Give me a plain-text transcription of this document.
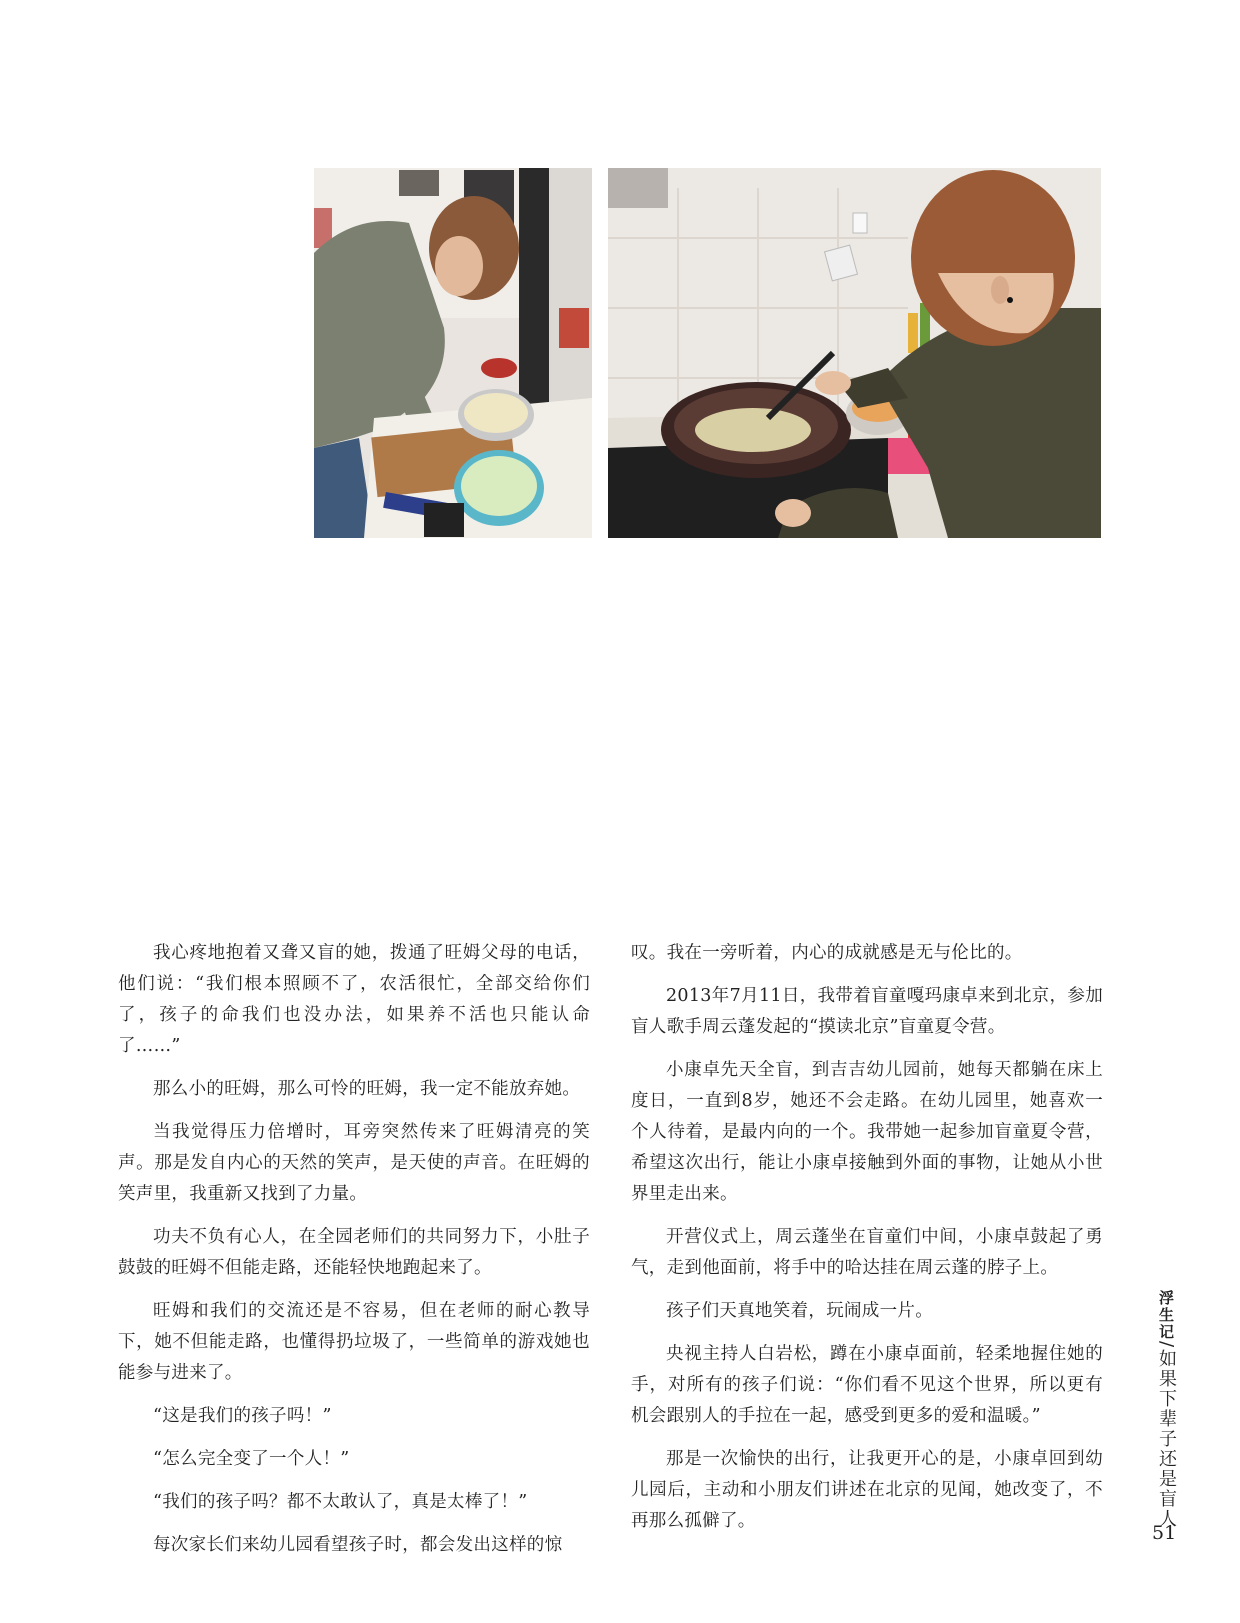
我心疼地抱着又聋又盲的她，拨通了旺姆父母的电话，他们说：“我们根本照顾不了，农活很忙，全部交给你们了，孩子的命我们也没办法，如果养不活也只能认命了……”

那么小的旺姆，那么可怜的旺姆，我一定不能放弃她。

当我觉得压力倍增时，耳旁突然传来了旺姆清亮的笑声。那是发自内心的天然的笑声，是天使的声音。在旺姆的笑声里，我重新又找到了力量。

功夫不负有心人，在全园老师们的共同努力下，小肚子鼓鼓的旺姆不但能走路，还能轻快地跑起来了。

旺姆和我们的交流还是不容易，但在老师的耐心教导下，她不但能走路，也懂得扔垃圾了，一些简单的游戏她也能参与进来了。

“这是我们的孩子吗！”

“怎么完全变了一个人！”

“我们的孩子吗？都不太敢认了，真是太棒了！”

每次家长们来幼儿园看望孩子时，都会发出这样的惊

叹。我在一旁听着，内心的成就感是无与伦比的。

2013年7月11日，我带着盲童嘎玛康卓来到北京，参加盲人歌手周云蓬发起的“摸读北京”盲童夏令营。

小康卓先天全盲，到吉吉幼儿园前，她每天都躺在床上度日，一直到8岁，她还不会走路。在幼儿园里，她喜欢一个人待着，是最内向的一个。我带她一起参加盲童夏令营，希望这次出行，能让小康卓接触到外面的事物，让她从小世界里走出来。

开营仪式上，周云蓬坐在盲童们中间，小康卓鼓起了勇气，走到他面前，将手中的哈达挂在周云蓬的脖子上。

孩子们天真地笑着，玩闹成一片。

央视主持人白岩松，蹲在小康卓面前，轻柔地握住她的手，对所有的孩子们说：“你们看不见这个世界，所以更有机会跟别人的手拉在一起，感受到更多的爱和温暖。”

那是一次愉快的出行，让我更开心的是，小康卓回到幼儿园后，主动和小朋友们讲述在北京的见闻，她改变了，不再那么孤僻了。

浮生记/如果下辈子还是盲人
51
